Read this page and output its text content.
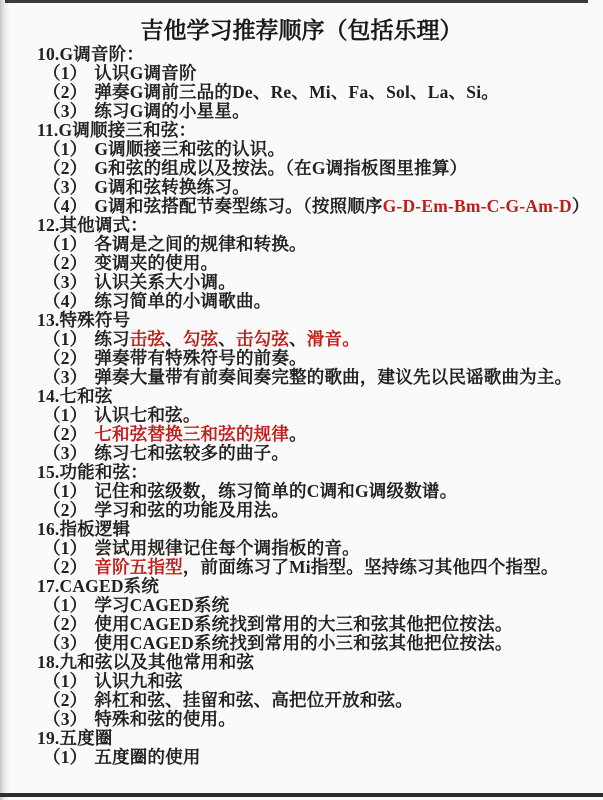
吉他学习推荐顺序（包括乐理）
10.G调音阶：
（1） 认识G调音阶
（2） 弹奏G调前三品的De、Re、Mi、Fa、Sol、La、Si。
（3） 练习G调的小星星。
11.G调顺接三和弦：
（1） G调顺接三和弦的认识。
（2） G和弦的组成以及按法。（在G调指板图里推算）
（3） G调和弦转换练习。
（4） G调和弦搭配节奏型练习。（按照顺序G-D-Em-Bm-C-G-Am-D）
12.其他调式：
（1） 各调是之间的规律和转换。
（2） 变调夹的使用。
（3） 认识关系大小调。
（4） 练习简单的小调歌曲。
13.特殊符号
（1） 练习击弦、勾弦、击勾弦、滑音。
（2） 弹奏带有特殊符号的前奏。
（3） 弹奏大量带有前奏间奏完整的歌曲，建议先以民谣歌曲为主。
14.七和弦
（1） 认识七和弦。
（2） 七和弦替换三和弦的规律。
（3） 练习七和弦较多的曲子。
15.功能和弦：
（1） 记住和弦级数，练习简单的C调和G调级数谱。
（2） 学习和弦的功能及用法。
16.指板逻辑
（1） 尝试用规律记住每个调指板的音。
（2） 音阶五指型，前面练习了Mi指型。坚持练习其他四个指型。
17.CAGED系统
（1） 学习CAGED系统
（2） 使用CAGED系统找到常用的大三和弦其他把位按法。
（3） 使用CAGED系统找到常用的小三和弦其他把位按法。
18.九和弦以及其他常用和弦
（1） 认识九和弦
（2） 斜杠和弦、挂留和弦、高把位开放和弦。
（3） 特殊和弦的使用。
19.五度圈
（1） 五度圈的使用
